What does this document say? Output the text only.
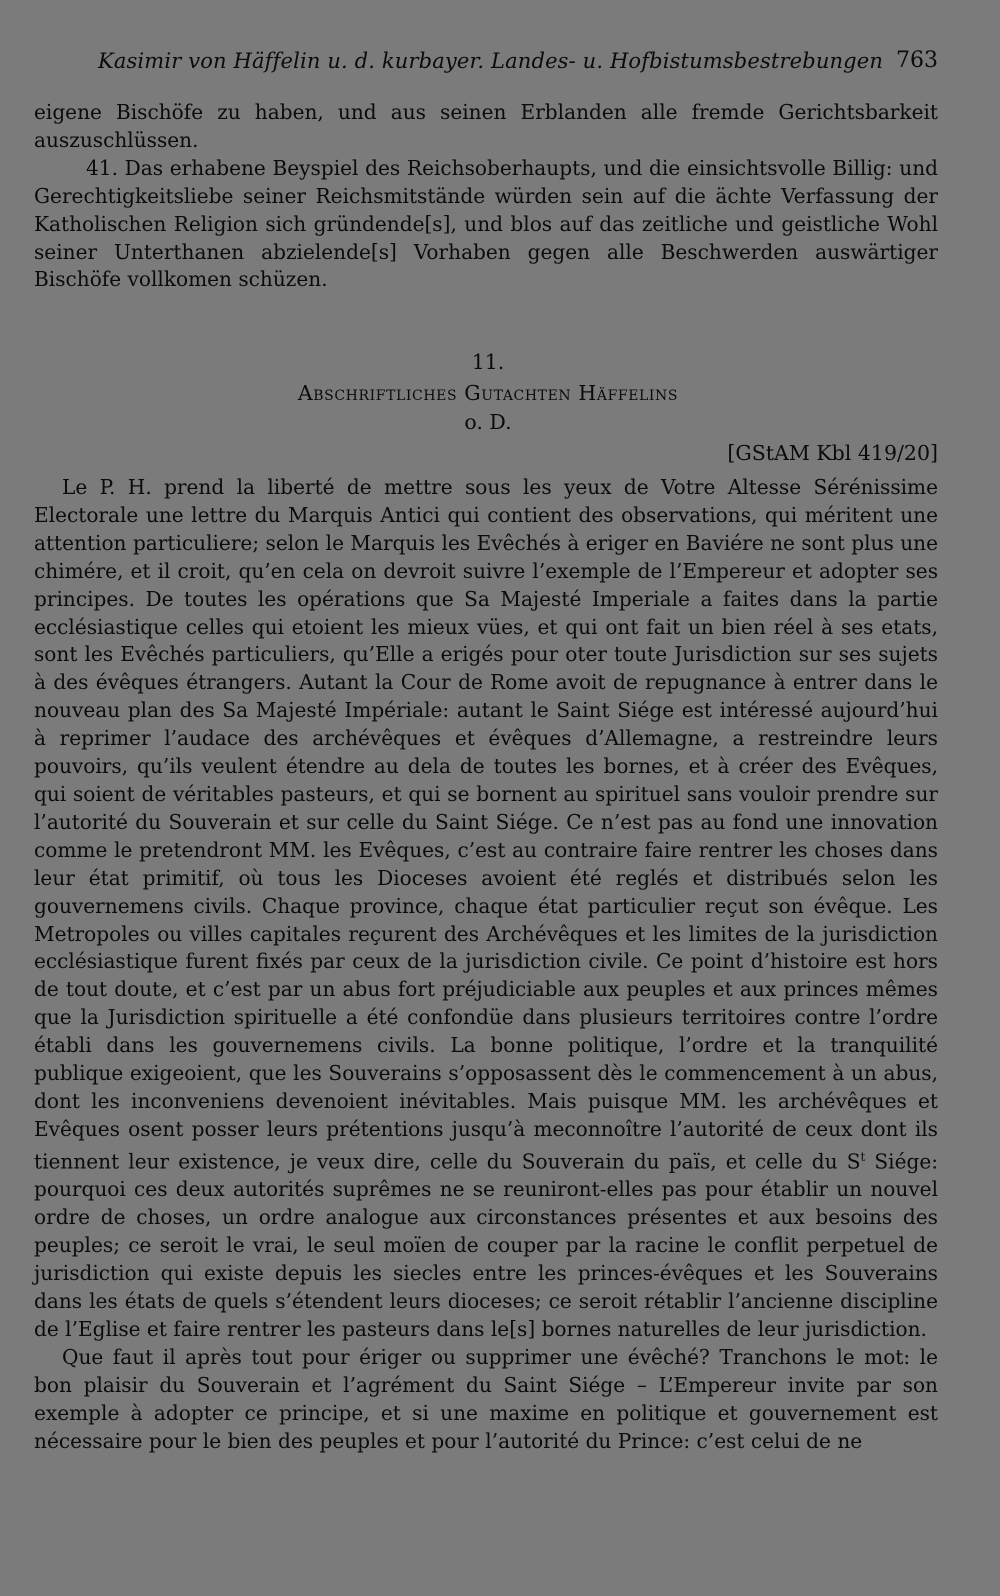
Kasimir von Häffelin u. d. kurbayer. Landes- u. Hofbistumsbestrebungen 763

eigene Bischöfe zu haben, und aus seinen Erblanden alle fremde Gerichtsbarkeit auszuschlüssen.

41. Das erhabene Beyspiel des Reichsoberhaupts, und die einsichtsvolle Billig: und Gerechtigkeitsliebe seiner Reichsmitstände würden sein auf die ächte Verfassung der Katholischen Religion sich gründende[s], und blos auf das zeitliche und geistliche Wohl seiner Unterthanen abzielende[s] Vorhaben gegen alle Beschwerden auswärtiger Bischöfe vollkomen schüzen.

11.
Abschriftliches Gutachten Häffelins
o. D.
[GStAM Kbl 419/20]

Le P. H. prend la liberté de mettre sous les yeux de Votre Altesse Sérénissime Electorale une lettre du Marquis Antici qui contient des observations, qui méritent une attention particuliere; selon le Marquis les Evêchés à eriger en Baviére ne sont plus une chimére, et il croit, qu’en cela on devroit suivre l’exemple de l’Empereur et adopter ses principes. De toutes les opérations que Sa Majesté Imperiale a faites dans la partie ecclésiastique celles qui etoient les mieux vües, et qui ont fait un bien réel à ses etats, sont les Evêchés particuliers, qu’Elle a erigés pour oter toute Jurisdiction sur ses sujets à des évêques étrangers. Autant la Cour de Rome avoit de repugnance à entrer dans le nouveau plan des Sa Majesté Impériale: autant le Saint Siége est intéressé aujourd’hui à reprimer l’audace des archévêques et évêques d’Allemagne, a restreindre leurs pouvoirs, qu’ils veulent étendre au dela de toutes les bornes, et à créer des Evêques, qui soient de véritables pasteurs, et qui se bornent au spirituel sans vouloir prendre sur l’autorité du Souverain et sur celle du Saint Siége. Ce n’est pas au fond une innovation comme le pretendront MM. les Evêques, c’est au contraire faire rentrer les choses dans leur état primitif, où tous les Dioceses avoient été reglés et distribués selon les gouvernemens civils. Chaque province, chaque état particulier reçut son évêque. Les Metropoles ou villes capitales reçurent des Archévêques et les limites de la jurisdiction ecclésiastique furent fixés par ceux de la jurisdiction civile. Ce point d’histoire est hors de tout doute, et c’est par un abus fort préjudiciable aux peuples et aux princes mêmes que la Jurisdiction spirituelle a été confondüe dans plusieurs territoires contre l’ordre établi dans les gouvernemens civils. La bonne politique, l’ordre et la tranquilité publique exigeoient, que les Souverains s’opposassent dès le commencement à un abus, dont les inconveniens devenoient inévitables. Mais puisque MM. les archévêques et Evêques osent posser leurs prétentions jusqu’à meconnoître l’autorité de ceux dont ils tiennent leur existence, je veux dire, celle du Souverain du païs, et celle du $S^t$ Siége: pourquoi ces deux autorités suprêmes ne se reuniront-elles pas pour établir un nouvel ordre de choses, un ordre analogue aux circonstances présentes et aux besoins des peuples; ce seroit le vrai, le seul moïen de couper par la racine le conflit perpetuel de jurisdiction qui existe depuis les siecles entre les princes-évêques et les Souverains dans les états de quels s’étendent leurs dioceses; ce seroit rétablir l’ancienne discipline de l’Eglise et faire rentrer les pasteurs dans le[s] bornes naturelles de leur jurisdiction.

Que faut il après tout pour ériger ou supprimer une évêché? Tranchons le mot: le bon plaisir du Souverain et l’agrément du Saint Siége – L’Empereur invite par son exemple à adopter ce principe, et si une maxime en politique et gouvernement est nécessaire pour le bien des peuples et pour l’autorité du Prince: c’est celui de ne
